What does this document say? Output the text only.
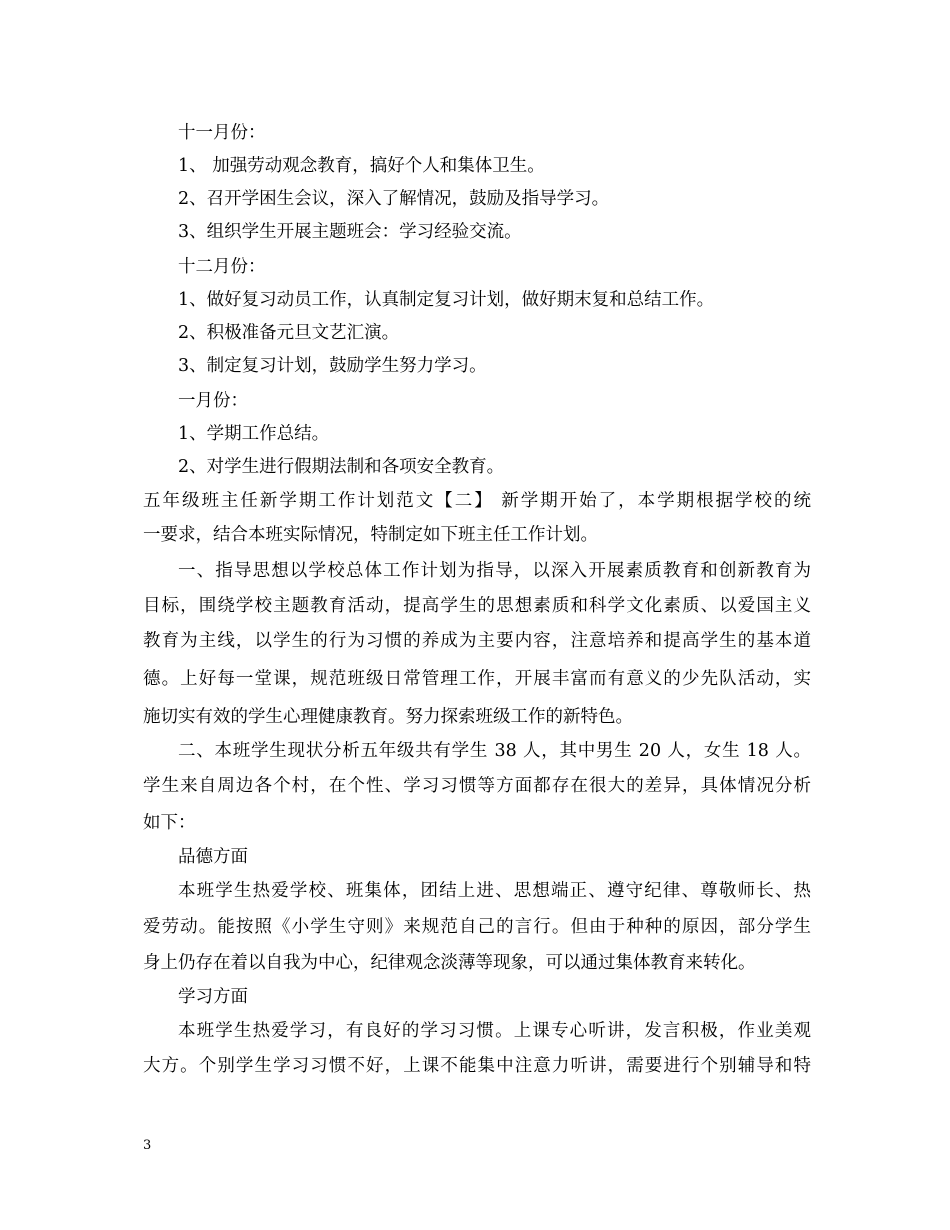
十一月份：
1、 加强劳动观念教育，搞好个人和集体卫生。
2、召开学困生会议，深入了解情况，鼓励及指导学习。
3、组织学生开展主题班会：学习经验交流。
十二月份：
1、做好复习动员工作，认真制定复习计划，做好期末复和总结工作。
2、积极准备元旦文艺汇演。
3、制定复习计划，鼓励学生努力学习。
一月份：
1、学期工作总结。
2、对学生进行假期法制和各项安全教育。
五年级班主任新学期工作计划范文【二】 新学期开始了，本学期根据学校的统
一要求，结合本班实际情况，特制定如下班主任工作计划。
一、指导思想以学校总体工作计划为指导，以深入开展素质教育和创新教育为
目标，围绕学校主题教育活动，提高学生的思想素质和科学文化素质、以爱国主义
教育为主线，以学生的行为习惯的养成为主要内容，注意培养和提高学生的基本道
德。上好每一堂课，规范班级日常管理工作，开展丰富而有意义的少先队活动，实
施切实有效的学生心理健康教育。努力探索班级工作的新特色。
二、本班学生现状分析五年级共有学生 38 人，其中男生 20 人，女生 18 人。
学生来自周边各个村，在个性、学习习惯等方面都存在很大的差异，具体情况分析
如下：
品德方面
本班学生热爱学校、班集体，团结上进、思想端正、遵守纪律、尊敬师长、热
爱劳动。能按照《小学生守则》来规范自己的言行。但由于种种的原因，部分学生
身上仍存在着以自我为中心，纪律观念淡薄等现象，可以通过集体教育来转化。
学习方面
本班学生热爱学习，有良好的学习习惯。上课专心听讲，发言积极，作业美观
大方。个别学生学习习惯不好，上课不能集中注意力听讲，需要进行个别辅导和特
3
